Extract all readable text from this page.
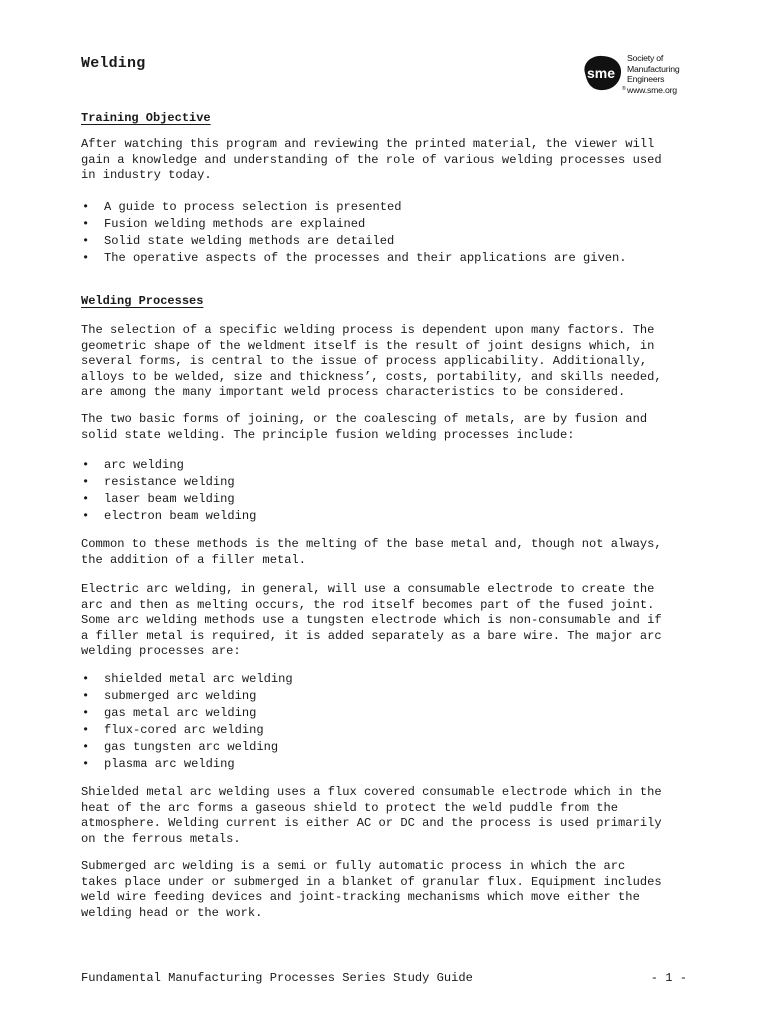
Welding
sme
®
Society of
Manufacturing
Engineers
www.sme.org
Training Objective

After watching this program and reviewing the printed material, the viewer will
gain a knowledge and understanding of the role of various welding processes used
in industry today.

• A guide to process selection is presented
• Fusion welding methods are explained
• Solid state welding methods are detailed
• The operative aspects of the processes and their applications are given.
Welding Processes

The selection of a specific welding process is dependent upon many factors. The
geometric shape of the weldment itself is the result of joint designs which, in
several forms, is central to the issue of process applicability. Additionally,
alloys to be welded, size and thickness’, costs, portability, and skills needed,
are among the many important weld process characteristics to be considered.

The two basic forms of joining, or the coalescing of metals, are by fusion and
solid state welding. The principle fusion welding processes include:

• arc welding
• resistance welding
• laser beam welding
• electron beam welding

Common to these methods is the melting of the base metal and, though not always,
the addition of a filler metal.

Electric arc welding, in general, will use a consumable electrode to create the
arc and then as melting occurs, the rod itself becomes part of the fused joint.
Some arc welding methods use a tungsten electrode which is non-consumable and if
a filler metal is required, it is added separately as a bare wire. The major arc
welding processes are:

• shielded metal arc welding
• submerged arc welding
• gas metal arc welding
• flux-cored arc welding
• gas tungsten arc welding
• plasma arc welding

Shielded metal arc welding uses a flux covered consumable electrode which in the
heat of the arc forms a gaseous shield to protect the weld puddle from the
atmosphere. Welding current is either AC or DC and the process is used primarily
on the ferrous metals.

Submerged arc welding is a semi or fully automatic process in which the arc
takes place under or submerged in a blanket of granular flux. Equipment includes
weld wire feeding devices and joint-tracking mechanisms which move either the
welding head or the work.

Fundamental Manufacturing Processes Series Study Guide	- 1 -
